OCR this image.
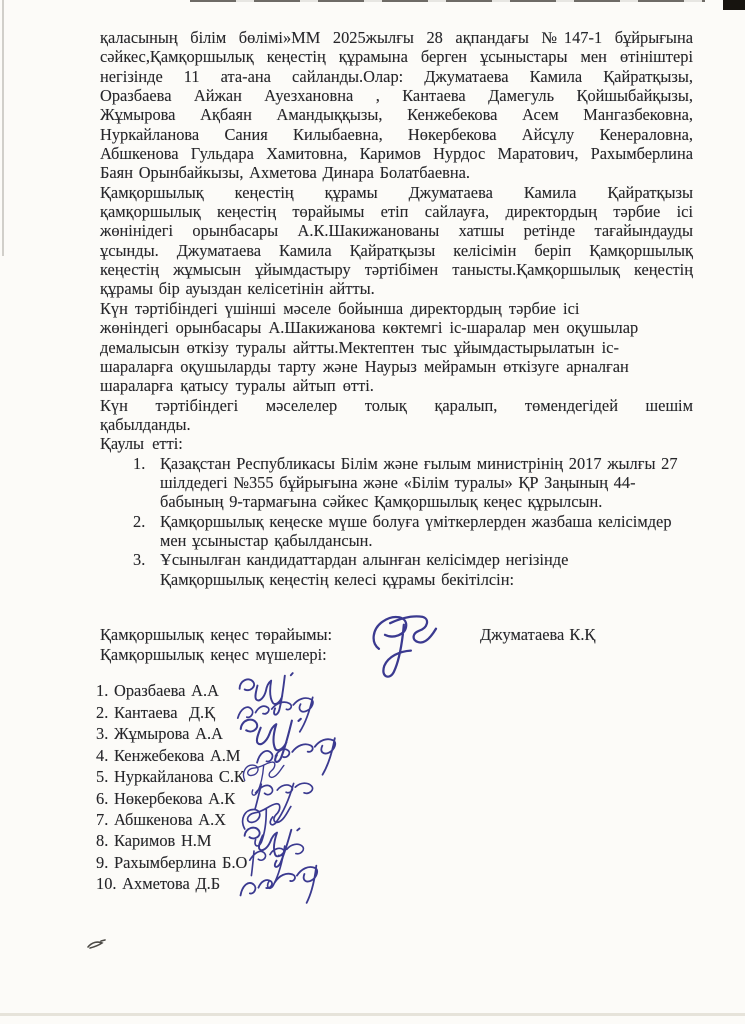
қаласының білім бөлімі»ММ 2025жылғы 28 ақпандағы №147-1 бұйрығына
сәйкес,Қамқоршылық кеңестің құрамына берген ұсыныстары мен өтініштері
негізінде 11 ата-ана сайланды.Олар: Джуматаева Камила Қайратқызы,
Оразбаева Айжан Ауезхановна , Кантаева Дамегуль Қойшыбайқызы,
Жұмырова Ақбаян Амандыққызы, Кенжебекова Асем Мангазбековна,
Нуркайланова Сания Килыбаевна, Нөкербекова Айсұлу Кенераловна,
Абшкенова Гульдара Хамитовна, Каримов Нурдос Маратович, Рахымберлина
Баян Орынбайкызы, Ахметова Динара Болатбаевна.
Қамқоршылық кеңестің құрамы Джуматаева Камила Қайратқызы
қамқоршылық кеңестің төрайымы етіп сайлауға, директордың тәрбие ісі
жөнінідегі орынбасары А.К.Шакижанованы хатшы ретінде тағайындауды
ұсынды. Джуматаева Камила Қайратқызы келісімін беріп Қамқоршылық
кеңестің жұмысын ұйымдастыру тәртібімен танысты.Қамқоршылық кеңестің
құрамы бір ауыздан келісетінін айтты.
Күн тәртібіндегі үшінші мәселе бойынша директордың тәрбие ісі
жөніндегі орынбасары А.Шакижанова көктемгі іс-шаралар мен оқушылар
демалысын өткізу туралы айтты.Мектептен тыс ұйымдастырылатын іс-
шараларға оқушыларды тарту және Наурыз мейрамын өткізуге арналған
шараларға қатысу туралы айтып өтті.
Күн тәртібіндегі мәселелер толық қаралып, төмендегідей шешім
қабылданды.
Қаулы етті:
1. Қазақстан Республикасы Білім және ғылым министрінің 2017 жылғы 27
шілдедегі №355 бұйрығына және «Білім туралы» ҚР Заңының 44-
бабының 9-тармағына сәйкес Қамқоршылық кеңес құрылсын.
2. Қамқоршылық кеңеске мүше болуға үміткерлерден жазбаша келісімдер
мен ұсыныстар қабылдансын.
3. Ұсынылған кандидаттардан алынған келісімдер негізінде
Қамқоршылық кеңестің келесі құрамы бекітілсін:
Қамқоршылық кеңес төрайымы:	Джуматаева К.Қ
Қамқоршылық кеңес мүшелері:
1. Оразбаева А.А
2. Кантаева  Д.Қ
3. Жұмырова А.А
4. Кенжебекова А.М
5. Нуркайланова С.К
6. Нөкербекова А.К
7. Абшкенова А.Х
8. Каримов Н.М
9. Рахымберлина Б.О
10. Ахметова Д.Б
